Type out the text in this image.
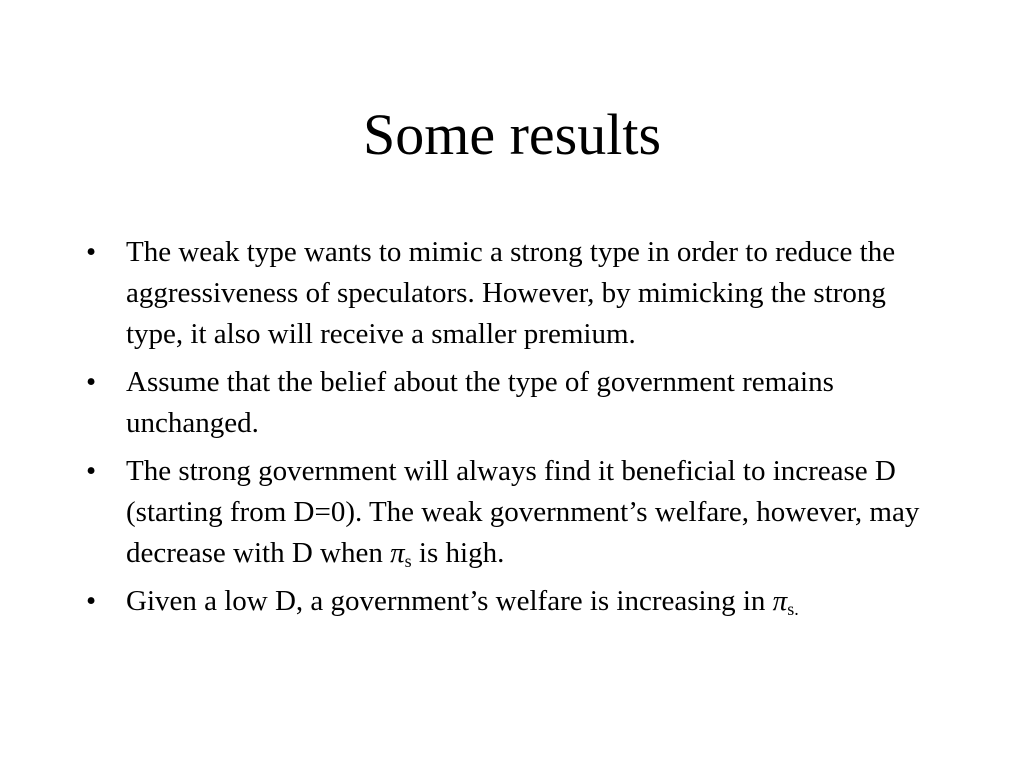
Some results
• The weak type wants to mimic a strong type in order to reduce the aggressiveness of speculators. However, by mimicking the strong type, it also will receive a smaller premium.
• Assume that the belief about the type of government remains unchanged.
• The strong government will always find it beneficial to increase D (starting from D=0). The weak government’s welfare, however, may decrease with D when $\pi_s$ is high.
• Given a low D, a government’s welfare is increasing in $\pi_{s.}$
